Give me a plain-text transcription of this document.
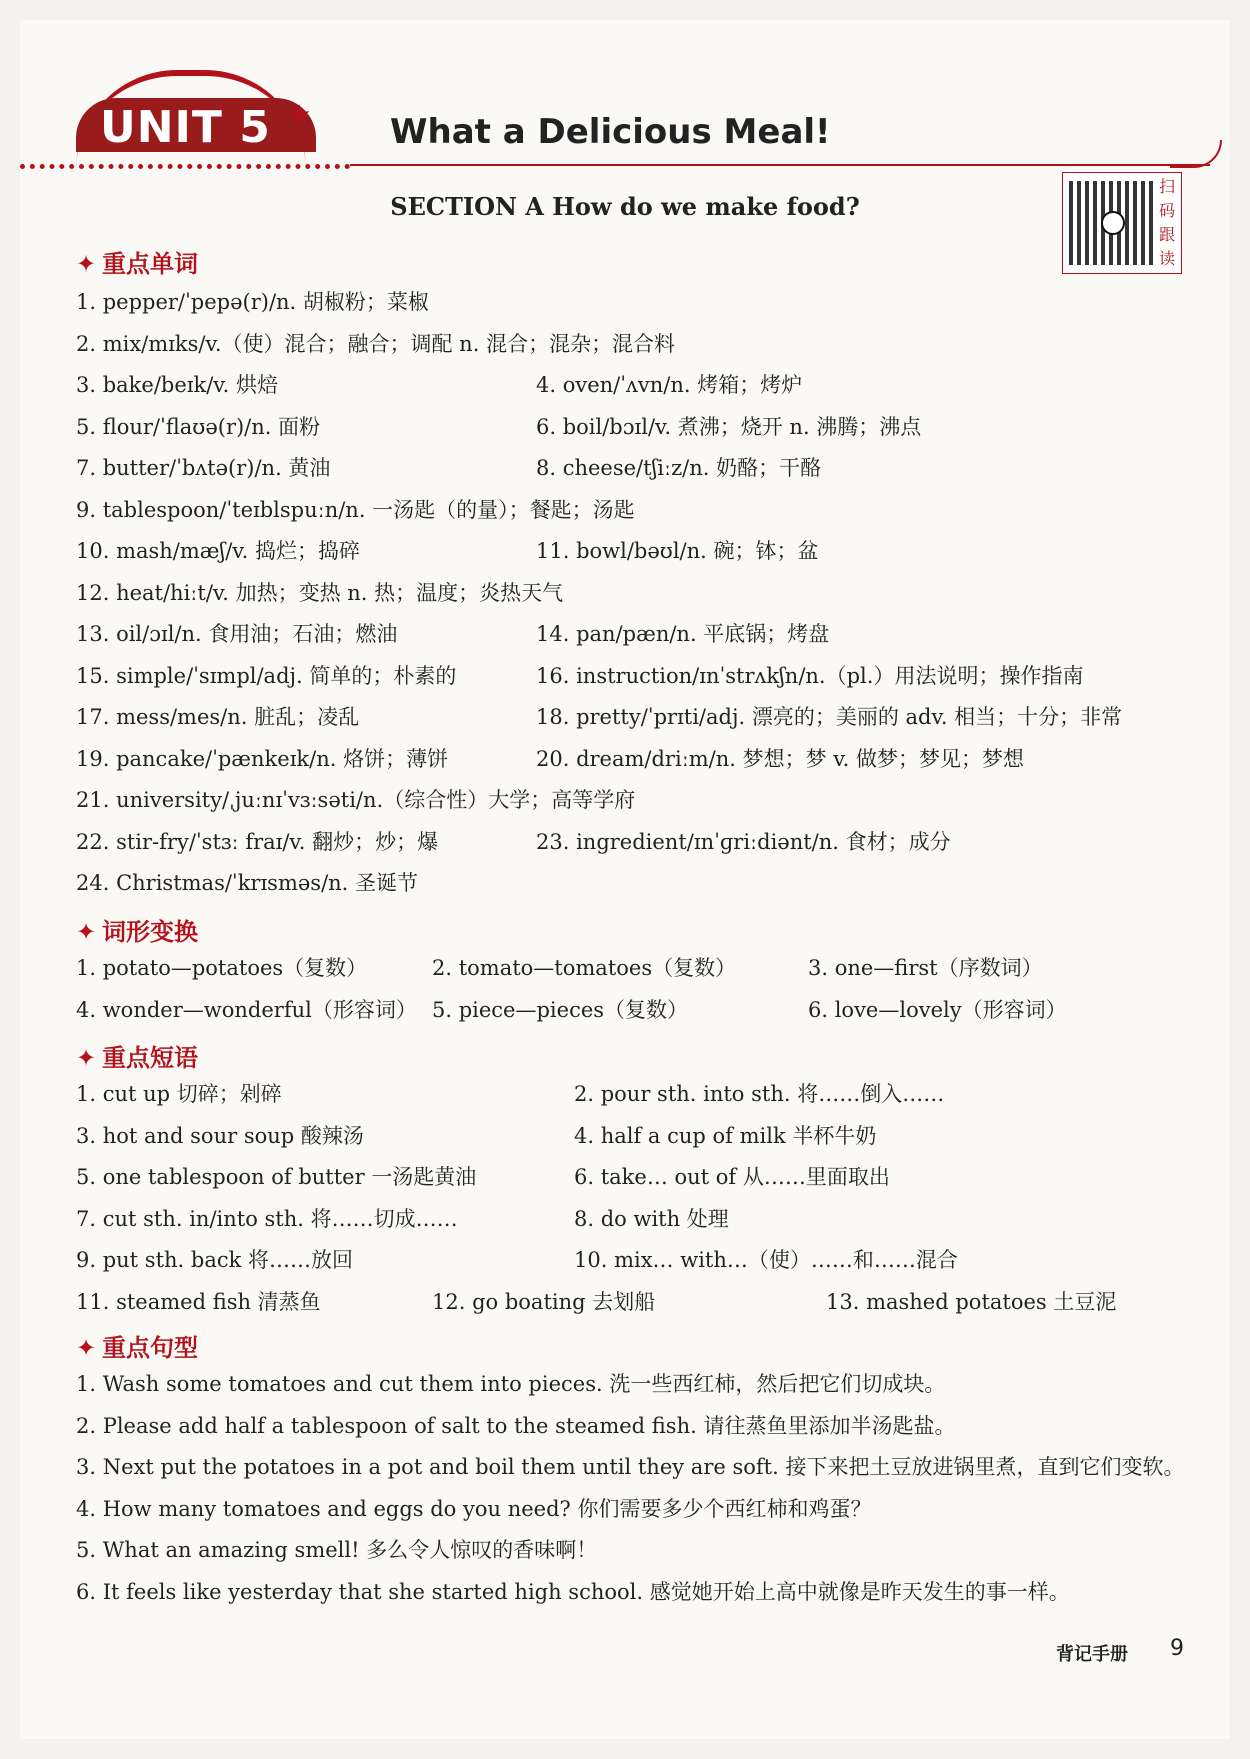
UNIT 5 ★ What a Delicious Meal!
SECTION A How do we make food?
扫码跟读
✦ 重点单词
1. pepper/ˈpepə(r)/n. 胡椒粉；菜椒
2. mix/mɪks/v.（使）混合；融合；调配 n. 混合；混杂；混合料
3. bake/beɪk/v. 烘焙	4. oven/ˈʌvn/n. 烤箱；烤炉
5. flour/ˈflaʊə(r)/n. 面粉	6. boil/bɔɪl/v. 煮沸；烧开 n. 沸腾；沸点
7. butter/ˈbʌtə(r)/n. 黄油	8. cheese/tʃiːz/n. 奶酪；干酪
9. tablespoon/ˈteɪblspuːn/n. 一汤匙（的量）；餐匙；汤匙
10. mash/mæʃ/v. 捣烂；捣碎	11. bowl/bəʊl/n. 碗；钵；盆
12. heat/hiːt/v. 加热；变热 n. 热；温度；炎热天气
13. oil/ɔɪl/n. 食用油；石油；燃油	14. pan/pæn/n. 平底锅；烤盘
15. simple/ˈsɪmpl/adj. 简单的；朴素的	16. instruction/ɪnˈstrʌkʃn/n.（pl.）用法说明；操作指南
17. mess/mes/n. 脏乱；凌乱	18. pretty/ˈprɪti/adj. 漂亮的；美丽的 adv. 相当；十分；非常
19. pancake/ˈpænkeɪk/n. 烙饼；薄饼	20. dream/driːm/n. 梦想；梦 v. 做梦；梦见；梦想
21. university/ˌjuːnɪˈvɜːsəti/n.（综合性）大学；高等学府
22. stir-fry/ˈstɜː fraɪ/v. 翻炒；炒；爆	23. ingredient/ɪnˈɡriːdiənt/n. 食材；成分
24. Christmas/ˈkrɪsməs/n. 圣诞节
✦ 词形变换
1. potato—potatoes（复数）	2. tomato—tomatoes（复数）	3. one—first（序数词）
4. wonder—wonderful（形容词） 5. piece—pieces（复数）	6. love—lovely（形容词）
✦ 重点短语
1. cut up 切碎；剁碎	2. pour sth. into sth. 将……倒入……
3. hot and sour soup 酸辣汤	4. half a cup of milk 半杯牛奶
5. one tablespoon of butter 一汤匙黄油	6. take… out of 从……里面取出
7. cut sth. in/into sth. 将……切成……	8. do with 处理
9. put sth. back 将……放回	10. mix… with…（使）……和……混合
11. steamed fish 清蒸鱼	12. go boating 去划船	13. mashed potatoes 土豆泥
✦ 重点句型
1. Wash some tomatoes and cut them into pieces. 洗一些西红柿，然后把它们切成块。
2. Please add half a tablespoon of salt to the steamed fish. 请往蒸鱼里添加半汤匙盐。
3. Next put the potatoes in a pot and boil them until they are soft. 接下来把土豆放进锅里煮，直到它们变软。
4. How many tomatoes and eggs do you need? 你们需要多少个西红柿和鸡蛋？
5. What an amazing smell! 多么令人惊叹的香味啊！
6. It feels like yesterday that she started high school. 感觉她开始上高中就像是昨天发生的事一样。
背记手册 9
